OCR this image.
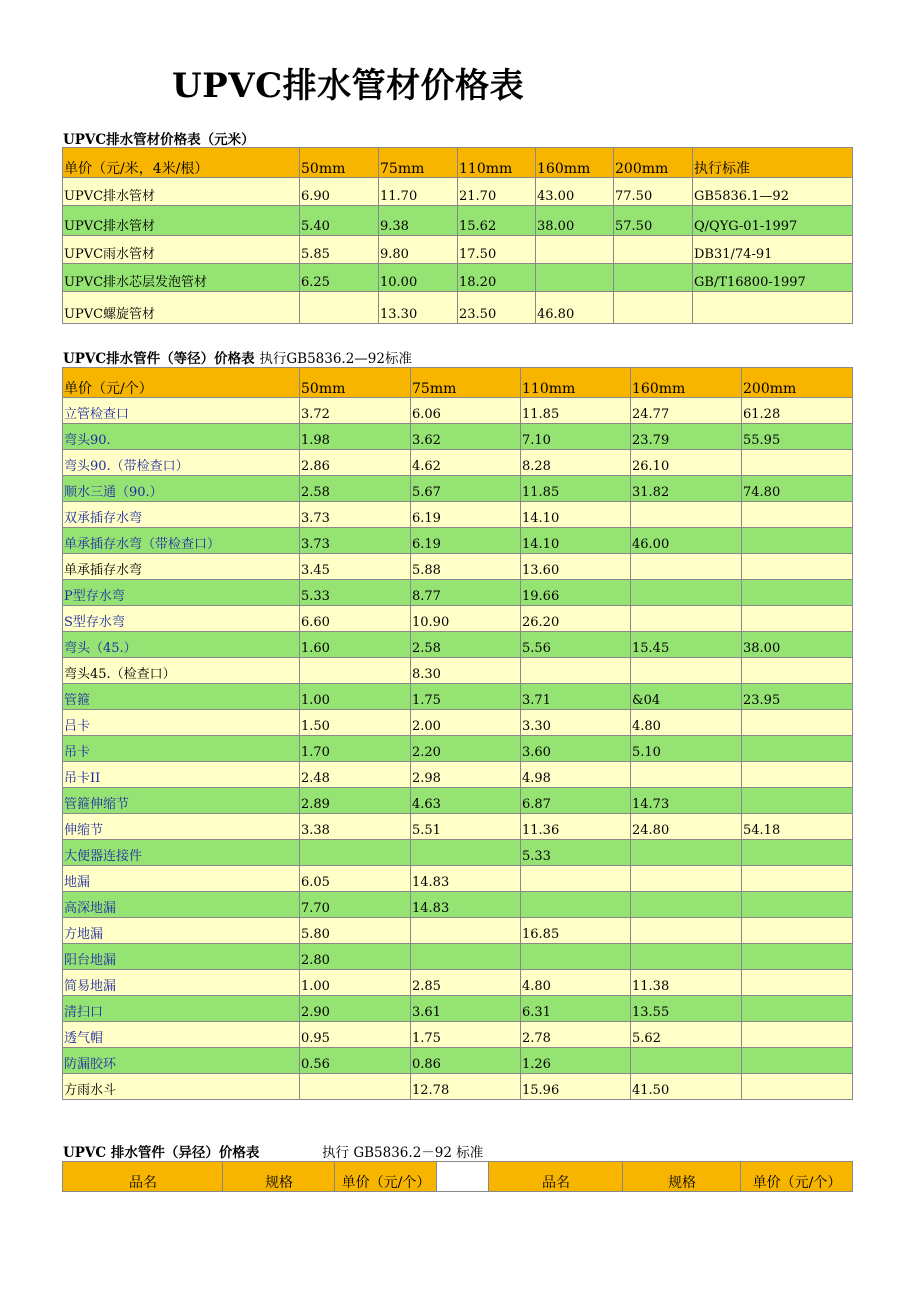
UPVC排水管材价格表
UPVC排水管材价格表（元米）
单价（元/米，4米/根）	50mm	75mm	110mm	160mm	200mm	执行标准
UPVC排水管材	6.90	11.70	21.70	43.00	77.50	GB5836.1—92
UPVC排水管材	5.40	9.38	15.62	38.00	57.50	Q/QYG-01-1997
UPVC雨水管材	5.85	9.80	17.50			DB31/74-91
UPVC排水芯层发泡管材	6.25	10.00	18.20			GB/T16800-1997
UPVC螺旋管材		13.30	23.50	46.80		
UPVC排水管件（等径）价格表 执行GB5836.2—92标准
单价（元/个）	50mm	75mm	110mm	160mm	200mm
立管检查口	3.72	6.06	11.85	24.77	61.28
弯头90.	1.98	3.62	7.10	23.79	55.95
弯头90.（带检查口）	2.86	4.62	8.28	26.10	
顺水三通（90.）	2.58	5.67	11.85	31.82	74.80
双承插存水弯	3.73	6.19	14.10		
单承插存水弯（带检查口）	3.73	6.19	14.10	46.00	
单承插存水弯	3.45	5.88	13.60		
P型存水弯	5.33	8.77	19.66		
S型存水弯	6.60	10.90	26.20		
弯头（45.）	1.60	2.58	5.56	15.45	38.00
弯头45.（检查口）		8.30			
管箍	1.00	1.75	3.71	&04	23.95
吕卡	1.50	2.00	3.30	4.80	
吊卡	1.70	2.20	3.60	5.10	
吊卡II	2.48	2.98	4.98		
管箍伸缩节	2.89	4.63	6.87	14.73	
伸缩节	3.38	5.51	11.36	24.80	54.18
大便器连接件			5.33		
地漏	6.05	14.83			
高深地漏	7.70	14.83			
方地漏	5.80		16.85		
阳台地漏	2.80				
简易地漏	1.00	2.85	4.80	11.38	
清扫口	2.90	3.61	6.31	13.55	
透气帽	0.95	1.75	2.78	5.62	
防漏胶环	0.56	0.86	1.26		
方雨水斗		12.78	15.96	41.50	
UPVC 排水管件（异径）价格表	执行 GB5836.2－92 标准
品名	规格	单价（元/个）		品名	规格	单价（元/个）
